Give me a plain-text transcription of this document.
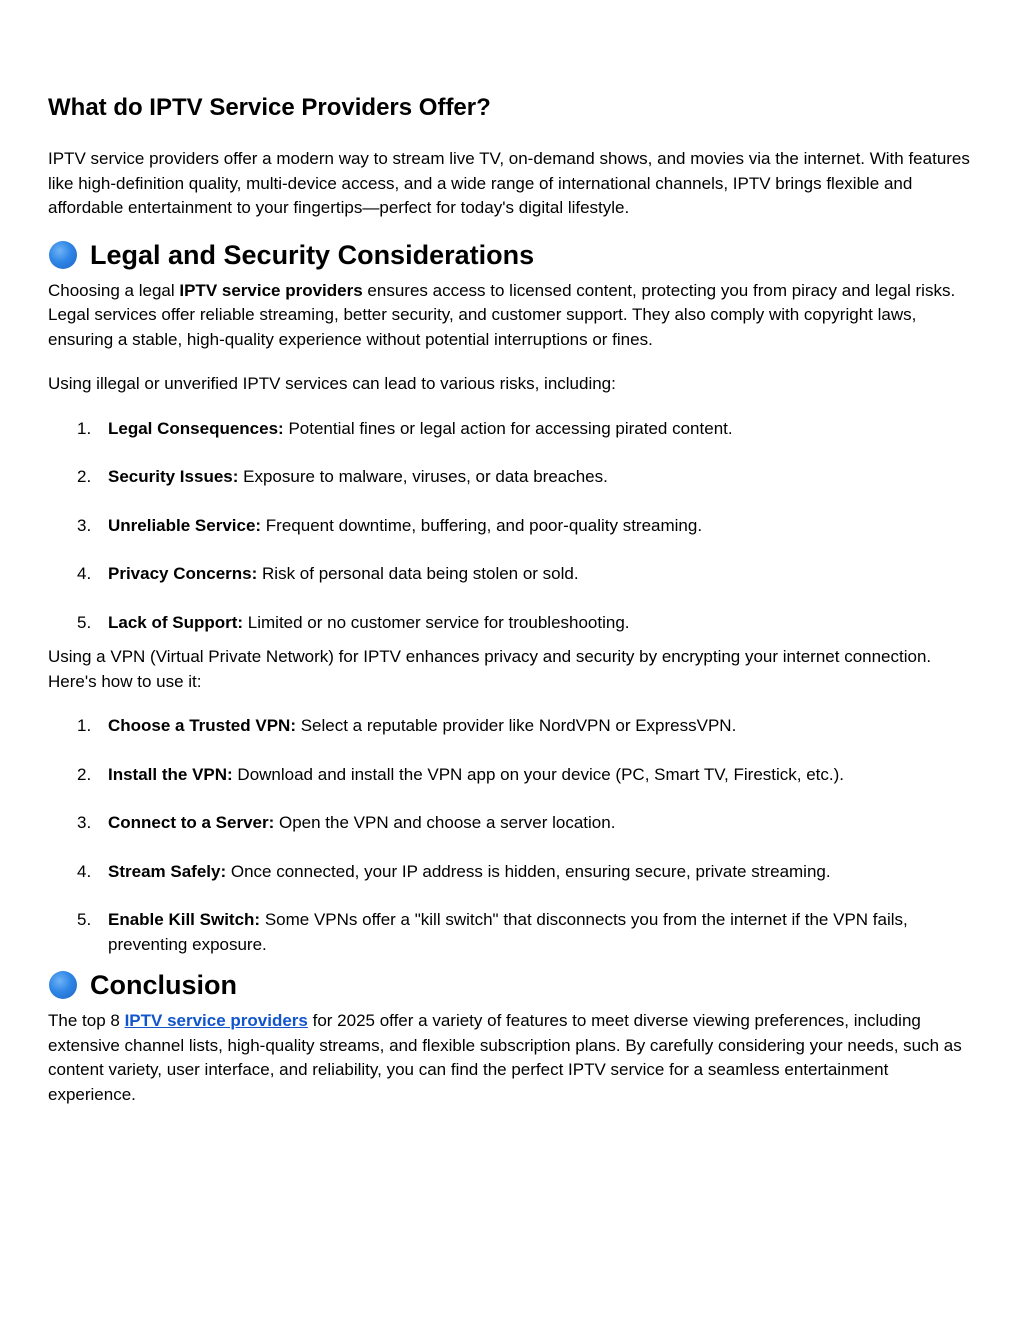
What do IPTV Service Providers Offer?

IPTV service providers offer a modern way to stream live TV, on-demand shows, and movies via the internet. With features like high-definition quality, multi-device access, and a wide range of international channels, IPTV brings flexible and affordable entertainment to your fingertips—perfect for today's digital lifestyle.

Legal and Security Considerations

Choosing a legal IPTV service providers ensures access to licensed content, protecting you from piracy and legal risks. Legal services offer reliable streaming, better security, and customer support. They also comply with copyright laws, ensuring a stable, high-quality experience without potential interruptions or fines.

Using illegal or unverified IPTV services can lead to various risks, including:

1. Legal Consequences: Potential fines or legal action for accessing pirated content.
2. Security Issues: Exposure to malware, viruses, or data breaches.
3. Unreliable Service: Frequent downtime, buffering, and poor-quality streaming.
4. Privacy Concerns: Risk of personal data being stolen or sold.
5. Lack of Support: Limited or no customer service for troubleshooting.

Using a VPN (Virtual Private Network) for IPTV enhances privacy and security by encrypting your internet connection. Here's how to use it:

1. Choose a Trusted VPN: Select a reputable provider like NordVPN or ExpressVPN.
2. Install the VPN: Download and install the VPN app on your device (PC, Smart TV, Firestick, etc.).
3. Connect to a Server: Open the VPN and choose a server location.
4. Stream Safely: Once connected, your IP address is hidden, ensuring secure, private streaming.
5. Enable Kill Switch: Some VPNs offer a "kill switch" that disconnects you from the internet if the VPN fails, preventing exposure.
Conclusion

The top 8 IPTV service providers for 2025 offer a variety of features to meet diverse viewing preferences, including extensive channel lists, high-quality streams, and flexible subscription plans. By carefully considering your needs, such as content variety, user interface, and reliability, you can find the perfect IPTV service for a seamless entertainment experience.
